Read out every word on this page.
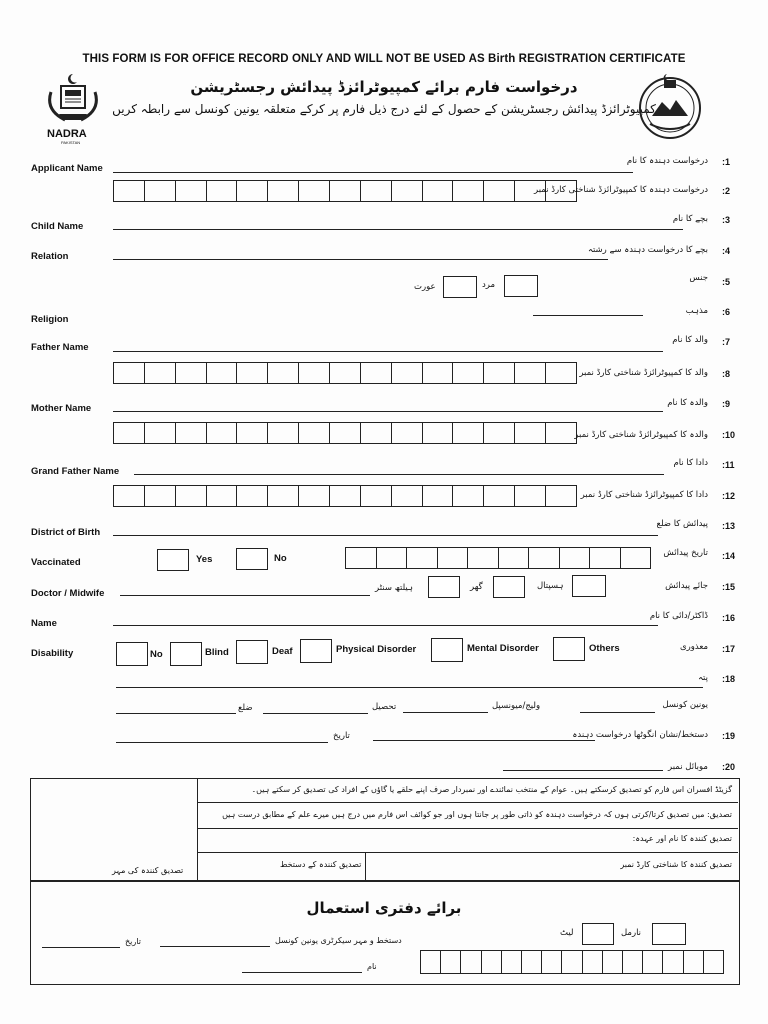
THIS FORM IS FOR OFFICE RECORD ONLY AND WILL NOT BE USED AS Birth REGISTRATION CERTIFICATE
درخواست فارم برائے کمپیوٹرائزڈ پیدائش رجسٹریشن
کمپیوٹرائزڈ پیدائش رجسٹریشن کے حصول کے لئے درج ذیل فارم پر کرکے متعلقہ یونین کونسل سے رابطہ کریں
NADRA
PAKISTAN
Applicant Name
درخواست دہندہ کا نام :1
درخواست دہندہ کا کمپیوٹرائزڈ شناختی کارڈ نمبر :2
Child Name
بچے کا نام :3
Relation
بچے کا درخواست دہندہ سے رشتہ :4
عورت	مرد
جنس :5
Religion
مذہب :6
Father Name
والد کا نام :7
والد کا کمپیوٹرائزڈ شناختی کارڈ نمبر :8
Mother Name	والدہ کا نام :9
والدہ کا کمپیوٹرائزڈ شناختی کارڈ نمبر :10
Grand Father Name
دادا کا نام :11
دادا کا کمپیوٹرائزڈ شناختی کارڈ نمبر :12
District of Birth
پیدائش کا ضلع :13
Vaccinated	Yes	No	تاریخ پیدائش :14
Doctor / Midwife	ہیلتھ سنٹر	گھر	ہسپتال	جائے پیدائش :15
Name
ڈاکٹر/دائی کا نام :16
Disability	No	Blind	Deaf	Physical Disorder	Mental Disorder	Others	معذوری :17
پتہ :18
ضلع	تحصیل	ولیج/میونسپل	یونین کونسل
تاریخ	دستخط/نشان انگوٹھا درخواست دہندہ :19
موبائل نمبر :20
گزیٹڈ افسران اس فارم کو تصدیق کرسکتے ہیں۔ عوام کے منتخب نمائندے اور نمبردار صرف اپنے حلقے یا گاؤں کے افراد کی تصدیق کر سکتے ہیں۔
تصدیق: میں تصدیق کرتا/کرتی ہوں کہ درخواست دہندہ کو ذاتی طور پر جانتا ہوں اور جو کوائف اس فارم میں درج ہیں میرے علم کے مطابق درست ہیں
تصدیق کنندہ کا نام اور عہدہ:
تصدیق کنندہ کا شناختی کارڈ نمبر
تصدیق کنندہ کے دستخط
تصدیق کنندہ کی مہر
برائے دفتری استعمال
لیٹ	نارمل
تاریخ	دستخط و مہر سیکرٹری یونین کونسل
نام
